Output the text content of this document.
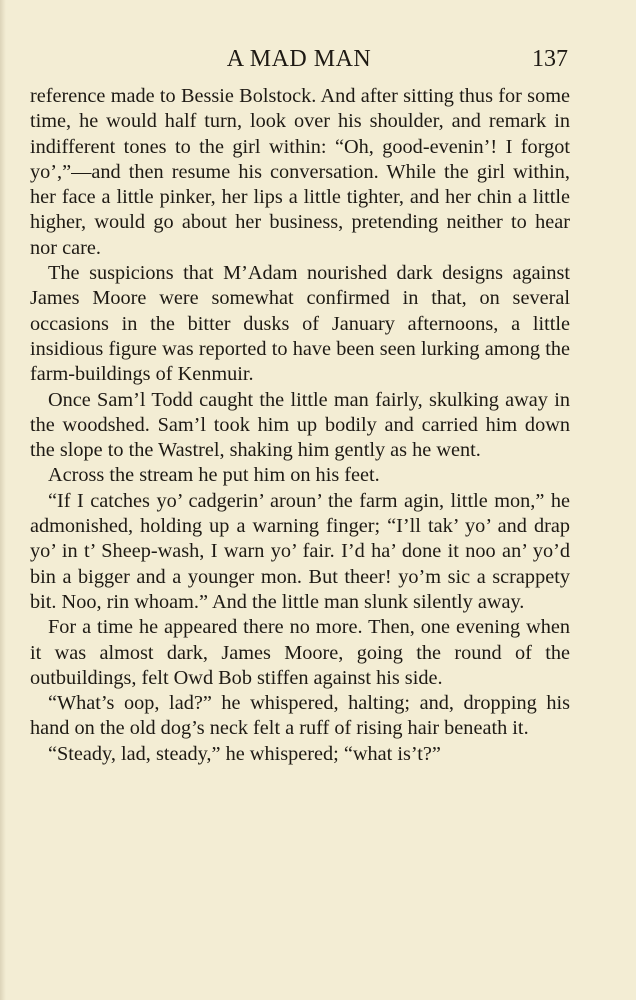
A MAD MAN	137

reference made to Bessie Bolstock. And after sitting thus for some time, he would half turn, look over his shoulder, and remark in indifferent tones to the girl within: “Oh, good-evenin’! I forgot yo’,”—and then resume his conversation. While the girl within, her face a little pinker, her lips a little tighter, and her chin a little higher, would go about her business, pretending neither to hear nor care.

The suspicions that M’Adam nourished dark designs against James Moore were somewhat confirmed in that, on several occasions in the bitter dusks of January afternoons, a little insidious figure was reported to have been seen lurking among the farm-buildings of Kenmuir.

Once Sam’l Todd caught the little man fairly, skulking away in the woodshed. Sam’l took him up bodily and carried him down the slope to the Wastrel, shaking him gently as he went.

Across the stream he put him on his feet.

“If I catches yo’ cadgerin’ aroun’ the farm agin, little mon,” he admonished, holding up a warning finger; “I’ll tak’ yo’ and drap yo’ in t’ Sheep-wash, I warn yo’ fair. I’d ha’ done it noo an’ yo’d bin a bigger and a younger mon. But theer! yo’m sic a scrappety bit. Noo, rin whoam.” And the little man slunk silently away.

For a time he appeared there no more. Then, one evening when it was almost dark, James Moore, going the round of the outbuildings, felt Owd Bob stiffen against his side.

“What’s oop, lad?” he whispered, halting; and, dropping his hand on the old dog’s neck felt a ruff of rising hair beneath it.

“Steady, lad, steady,” he whispered; “what is’t?”
